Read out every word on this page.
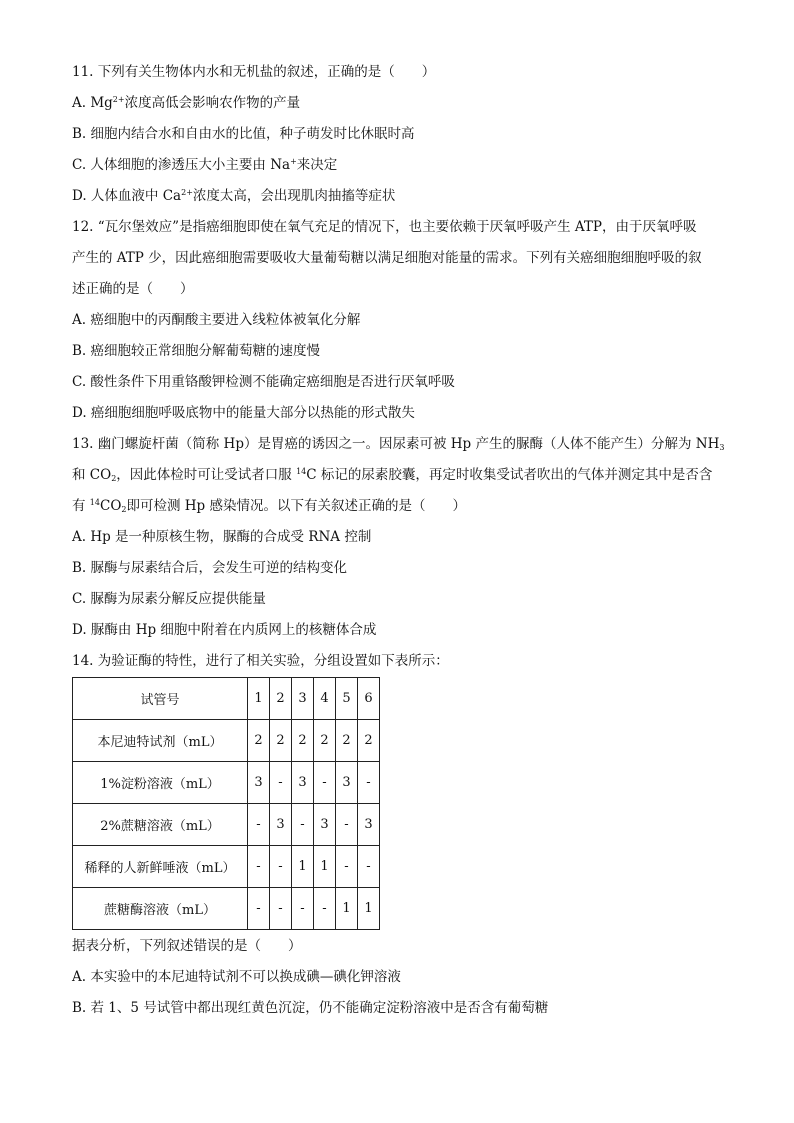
11. 下列有关生物体内水和无机盐的叙述，正确的是（　　）
A. $Mg^{2+}$浓度高低会影响农作物的产量
B. 细胞内结合水和自由水的比值，种子萌发时比休眠时高
C. 人体细胞的渗透压大小主要由 Na+来决定
D. 人体血液中 $Ca^{2+}$浓度太高，会出现肌肉抽搐等症状
12. “瓦尔堡效应”是指癌细胞即使在氧气充足的情况下，也主要依赖于厌氧呼吸产生 ATP，由于厌氧呼吸
产生的 ATP 少，因此癌细胞需要吸收大量葡萄糖以满足细胞对能量的需求。下列有关癌细胞细胞呼吸的叙
述正确的是（　　）
A. 癌细胞中的丙酮酸主要进入线粒体被氧化分解
B. 癌细胞较正常细胞分解葡萄糖的速度慢
C. 酸性条件下用重铬酸钾检测不能确定癌细胞是否进行厌氧呼吸
D. 癌细胞细胞呼吸底物中的能量大部分以热能的形式散失
13. 幽门螺旋杆菌（简称 Hp）是胃癌的诱因之一。因尿素可被 Hp 产生的脲酶（人体不能产生）分解为 $NH_3$
和 $CO_2$，因此体检时可让受试者口服 $^{14}$C 标记的尿素胶囊，再定时收集受试者吹出的气体并测定其中是否含
有 $^{14}CO_2$即可检测 Hp 感染情况。以下有关叙述正确的是（　　）
A. Hp 是一种原核生物，脲酶的合成受 RNA 控制
B. 脲酶与尿素结合后，会发生可逆的结构变化
C. 脲酶为尿素分解反应提供能量
D. 脲酶由 Hp 细胞中附着在内质网上的核糖体合成
14. 为验证酶的特性，进行了相关实验，分组设置如下表所示：
试管号	1	2	3	4	5	6
本尼迪特试剂（mL）	2	2	2	2	2	2
1%淀粉溶液（mL）	3	-	3	-	3	-
2%蔗糖溶液（mL）	-	3	-	3	-	3
稀释的人新鲜唾液（mL）	-	-	1	1	-	-
蔗糖酶溶液（mL）	-	-	-	-	1	1
据表分析，下列叙述错误的是（　　）
A. 本实验中的本尼迪特试剂不可以换成碘—碘化钾溶液
B. 若 1、5 号试管中都出现红黄色沉淀，仍不能确定淀粉溶液中是否含有葡萄糖
